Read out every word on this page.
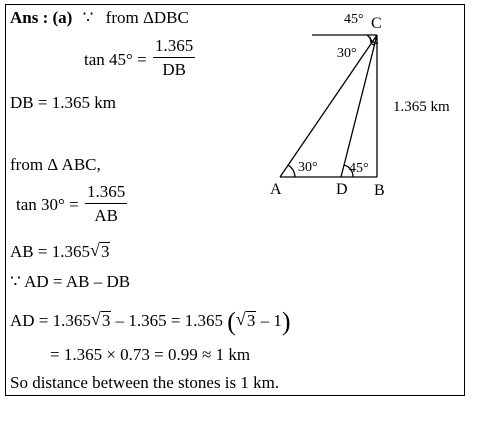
Ans : (a) ∵ from ΔDBC
$\tan 45^\circ = \frac{1.365}{DB}$
DB = 1.365 km
from Δ ABC,
$\tan 30^\circ = \frac{1.365}{AB}$
AB = 1.365 √ 3
∵ AD = AB – DB
AD = 1.365 √ 3 – 1.365 = 1.365 ( √ 3 – 1)
= 1.365 × 0.73 = 0.99 ≈ 1 km
So distance between the stones is 1 km.
C
45°
30°
1.365 km
30° 45°
A	D B
